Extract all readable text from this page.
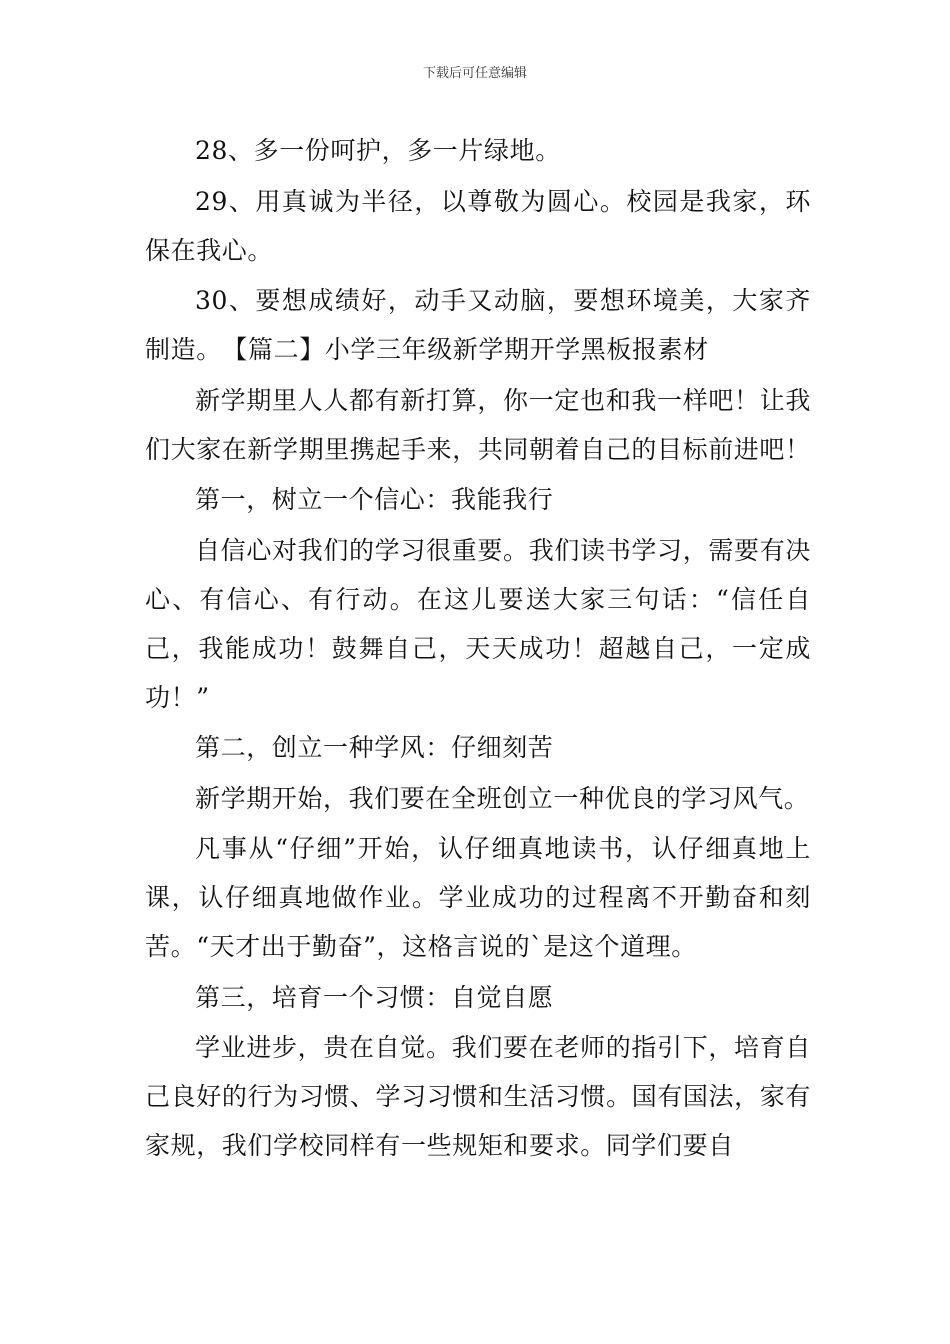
下载后可任意编辑

28、多一份呵护，多一片绿地。

29、用真诚为半径，以尊敬为圆心。校园是我家，环保在我心。

30、要想成绩好，动手又动脑，要想环境美，大家齐制造。　【篇二】小学三年级新学期开学黑板报素材

新学期里人人都有新打算，你一定也和我一样吧！让我们大家在新学期里携起手来，共同朝着自己的目标前进吧！

第一，树立一个信心：我能我行

自信心对我们的学习很重要。我们读书学习，需要有决心、有信心、有行动。在这儿要送大家三句话：“信任自己，我能成功！鼓舞自己，天天成功！超越自己，一定成功！”

第二，创立一种学风：仔细刻苦

新学期开始，我们要在全班创立一种优良的学习风气。

凡事从“仔细”开始，认仔细真地读书，认仔细真地上课，认仔细真地做作业。学业成功的过程离不开勤奋和刻苦。“天才出于勤奋”，这格言说的`是这个道理。

第三，培育一个习惯：自觉自愿

学业进步，贵在自觉。我们要在老师的指引下，培育自己良好的行为习惯、学习习惯和生活习惯。国有国法，家有家规，我们学校同样有一些规矩和要求。同学们要自
